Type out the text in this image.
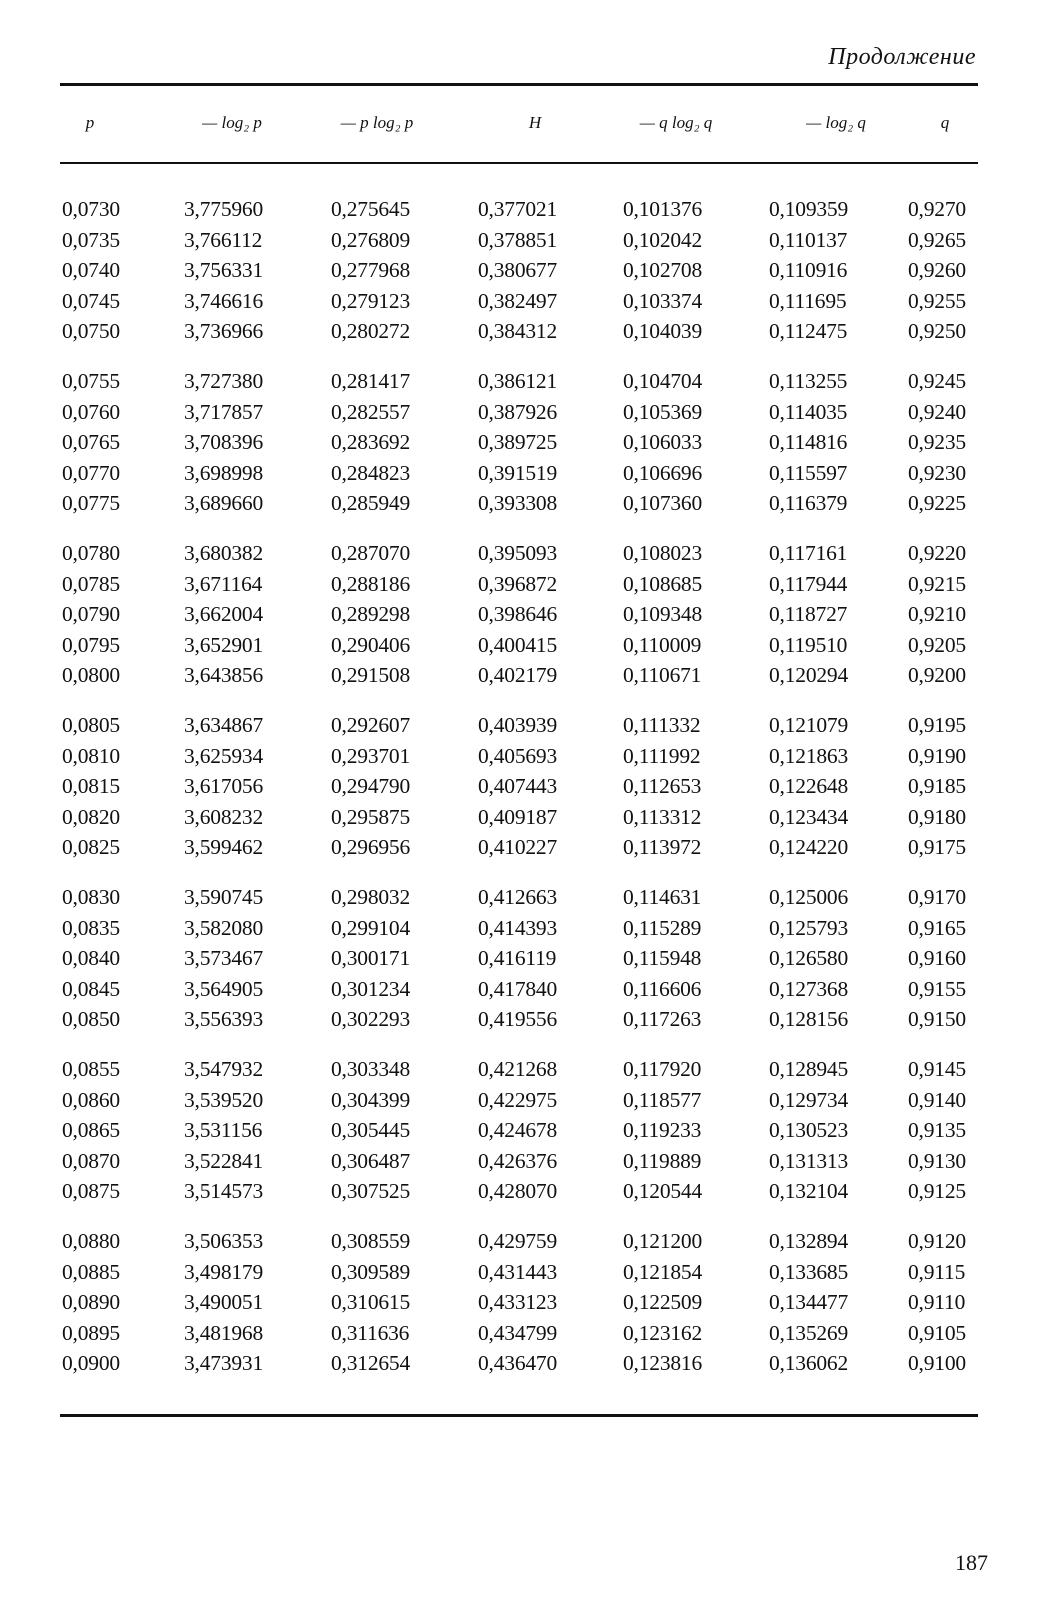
Продолжение
p	— log₂ p	— p log₂ p	H	— q log₂ q	— log₂ q	q
0,0730	3,775960	0,275645	0,377021	0,101376	0,109359	0,9270
0,0735	3,766112	0,276809	0,378851	0,102042	0,110137	0,9265
0,0740	3,756331	0,277968	0,380677	0,102708	0,110916	0,9260
0,0745	3,746616	0,279123	0,382497	0,103374	0,111695	0,9255
0,0750	3,736966	0,280272	0,384312	0,104039	0,112475	0,9250
0,0755	3,727380	0,281417	0,386121	0,104704	0,113255	0,9245
0,0760	3,717857	0,282557	0,387926	0,105369	0,114035	0,9240
0,0765	3,708396	0,283692	0,389725	0,106033	0,114816	0,9235
0,0770	3,698998	0,284823	0,391519	0,106696	0,115597	0,9230
0,0775	3,689660	0,285949	0,393308	0,107360	0,116379	0,9225
0,0780	3,680382	0,287070	0,395093	0,108023	0,117161	0,9220
0,0785	3,671164	0,288186	0,396872	0,108685	0,117944	0,9215
0,0790	3,662004	0,289298	0,398646	0,109348	0,118727	0,9210
0,0795	3,652901	0,290406	0,400415	0,110009	0,119510	0,9205
0,0800	3,643856	0,291508	0,402179	0,110671	0,120294	0,9200
0,0805	3,634867	0,292607	0,403939	0,111332	0,121079	0,9195
0,0810	3,625934	0,293701	0,405693	0,111992	0,121863	0,9190
0,0815	3,617056	0,294790	0,407443	0,112653	0,122648	0,9185
0,0820	3,608232	0,295875	0,409187	0,113312	0,123434	0,9180
0,0825	3,599462	0,296956	0,410227	0,113972	0,124220	0,9175
0,0830	3,590745	0,298032	0,412663	0,114631	0,125006	0,9170
0,0835	3,582080	0,299104	0,414393	0,115289	0,125793	0,9165
0,0840	3,573467	0,300171	0,416119	0,115948	0,126580	0,9160
0,0845	3,564905	0,301234	0,417840	0,116606	0,127368	0,9155
0,0850	3,556393	0,302293	0,419556	0,117263	0,128156	0,9150
0,0855	3,547932	0,303348	0,421268	0,117920	0,128945	0,9145
0,0860	3,539520	0,304399	0,422975	0,118577	0,129734	0,9140
0,0865	3,531156	0,305445	0,424678	0,119233	0,130523	0,9135
0,0870	3,522841	0,306487	0,426376	0,119889	0,131313	0,9130
0,0875	3,514573	0,307525	0,428070	0,120544	0,132104	0,9125
0,0880	3,506353	0,308559	0,429759	0,121200	0,132894	0,9120
0,0885	3,498179	0,309589	0,431443	0,121854	0,133685	0,9115
0,0890	3,490051	0,310615	0,433123	0,122509	0,134477	0,9110
0,0895	3,481968	0,311636	0,434799	0,123162	0,135269	0,9105
0,0900	3,473931	0,312654	0,436470	0,123816	0,136062	0,9100
187
